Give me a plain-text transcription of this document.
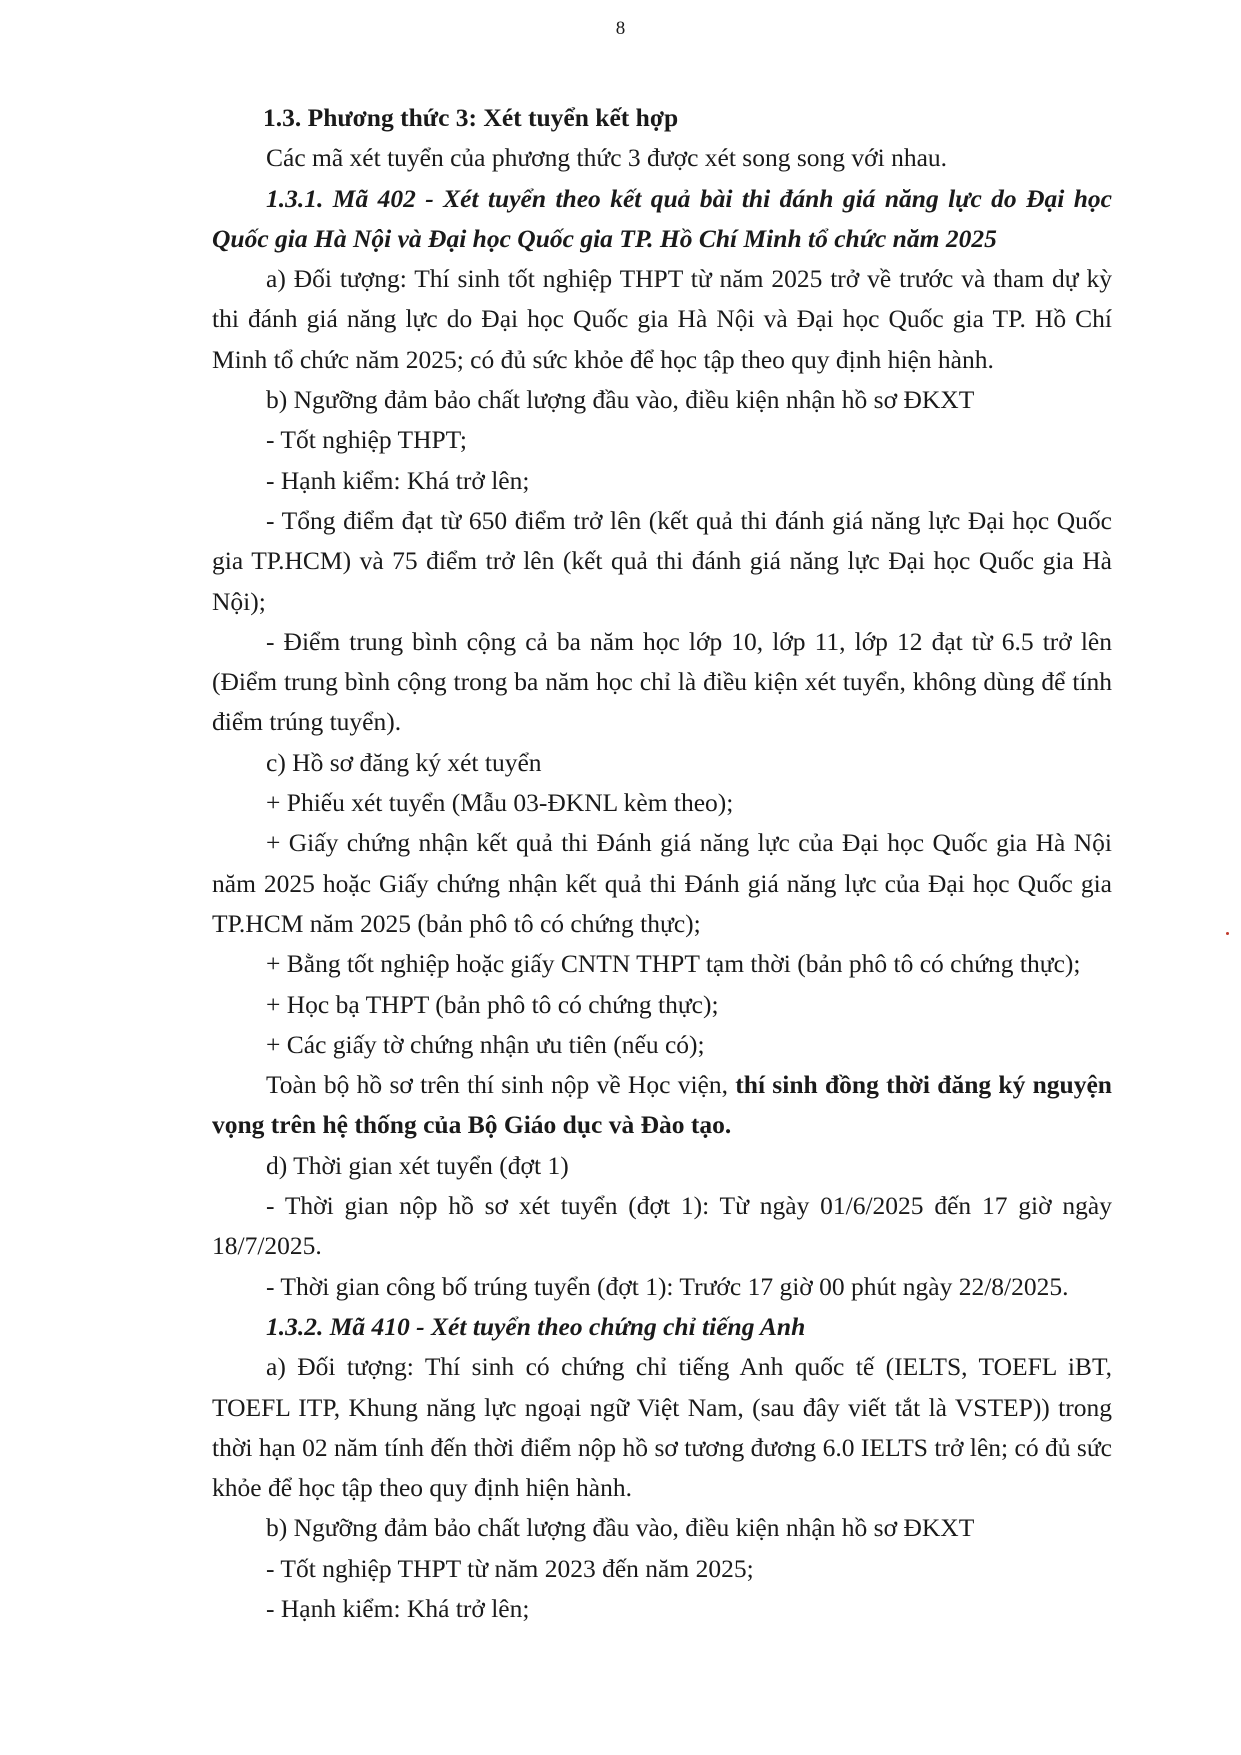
8

1.3. Phương thức 3: Xét tuyển kết hợp

Các mã xét tuyển của phương thức 3 được xét song song với nhau.

1.3.1. Mã 402 - Xét tuyển theo kết quả bài thi đánh giá năng lực do Đại học Quốc gia Hà Nội và Đại học Quốc gia TP. Hồ Chí Minh tổ chức năm 2025

a) Đối tượng: Thí sinh tốt nghiệp THPT từ năm 2025 trở về trước và tham dự kỳ thi đánh giá năng lực do Đại học Quốc gia Hà Nội và Đại học Quốc gia TP. Hồ Chí Minh tổ chức năm 2025; có đủ sức khỏe để học tập theo quy định hiện hành.

b) Ngưỡng đảm bảo chất lượng đầu vào, điều kiện nhận hồ sơ ĐKXT

- Tốt nghiệp THPT;

- Hạnh kiểm: Khá trở lên;

- Tổng điểm đạt từ 650 điểm trở lên (kết quả thi đánh giá năng lực Đại học Quốc gia TP.HCM) và 75 điểm trở lên (kết quả thi đánh giá năng lực Đại học Quốc gia Hà Nội);

- Điểm trung bình cộng cả ba năm học lớp 10, lớp 11, lớp 12 đạt từ 6.5 trở lên (Điểm trung bình cộng trong ba năm học chỉ là điều kiện xét tuyển, không dùng để tính điểm trúng tuyển).

c) Hồ sơ đăng ký xét tuyển

+ Phiếu xét tuyển (Mẫu 03-ĐKNL kèm theo);

+ Giấy chứng nhận kết quả thi Đánh giá năng lực của Đại học Quốc gia Hà Nội năm 2025 hoặc Giấy chứng nhận kết quả thi Đánh giá năng lực của Đại học Quốc gia TP.HCM năm 2025 (bản phô tô có chứng thực);

+ Bằng tốt nghiệp hoặc giấy CNTN THPT tạm thời (bản phô tô có chứng thực);

+ Học bạ THPT (bản phô tô có chứng thực);

+ Các giấy tờ chứng nhận ưu tiên (nếu có);

Toàn bộ hồ sơ trên thí sinh nộp về Học viện, thí sinh đồng thời đăng ký nguyện vọng trên hệ thống của Bộ Giáo dục và Đào tạo.

d) Thời gian xét tuyển (đợt 1)

- Thời gian nộp hồ sơ xét tuyển (đợt 1): Từ ngày 01/6/2025 đến 17 giờ ngày 18/7/2025.

- Thời gian công bố trúng tuyển (đợt 1): Trước 17 giờ 00 phút ngày 22/8/2025.

1.3.2. Mã 410 - Xét tuyển theo chứng chỉ tiếng Anh

a) Đối tượng: Thí sinh có chứng chỉ tiếng Anh quốc tế (IELTS, TOEFL iBT, TOEFL ITP, Khung năng lực ngoại ngữ Việt Nam, (sau đây viết tắt là VSTEP)) trong thời hạn 02 năm tính đến thời điểm nộp hồ sơ tương đương 6.0 IELTS trở lên; có đủ sức khỏe để học tập theo quy định hiện hành.

b) Ngưỡng đảm bảo chất lượng đầu vào, điều kiện nhận hồ sơ ĐKXT

- Tốt nghiệp THPT từ năm 2023 đến năm 2025;

- Hạnh kiểm: Khá trở lên;
